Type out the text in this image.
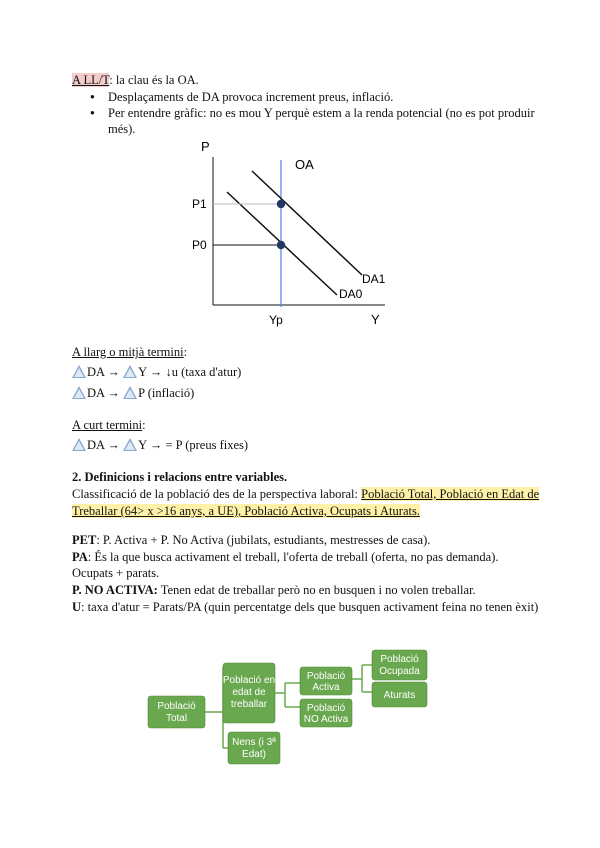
A LL/T: la clau és la OA.
● Desplaçaments de DA provoca increment preus, inflació.
● Per entendre gràfic: no es mou Y perquè estem a la renda potencial (no es pot produir
més).
P
OA
P1
P0
DA1
DA0
Yp	Y
A llarg o mitjà termini:
DA → Y → ↓u (taxa d'atur)
DA → P (inflació)
A curt termini:
DA → Y → = P (preus fixes)
2. Definicions i relacions entre variables.
Classificació de la població des de la perspectiva laboral: Població Total, Població en Edat de
Treballar (64> x >16 anys, a UE), Població Activa, Ocupats i Aturats.
PET: P. Activa + P. No Activa (jubilats, estudiants, mestresses de casa).
PA: És la que busca activament el treball, l'oferta de treball (oferta, no pas demanda).
Ocupats + parats.
P. NO ACTIVA: Tenen edat de treballar però no en busquen i no volen treballar.
U: taxa d'atur = Parats/PA (quin percentatge dels que busquen activament feina no tenen èxit)
Població
Total
Població en
edat de
treballar
Població
Activa
Població
NO Activa
Nens (i 3ª
Edat)
Població
Ocupada
Aturats
